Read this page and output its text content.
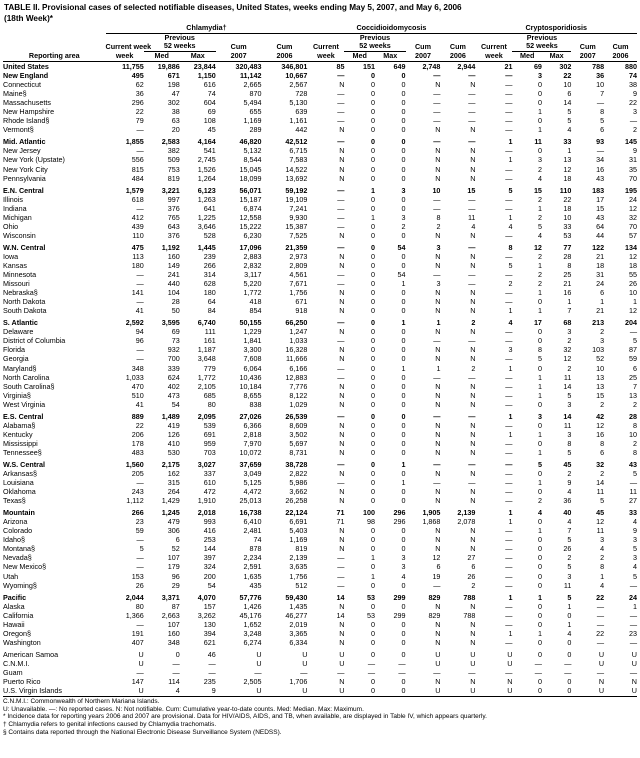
TABLE II. Provisional cases of selected notifiable diseases, United States, weeks ending May 5, 2007, and May 6, 2006
(18th Week)*
	Chlamydia†					Coccidioidomycosis					Cryptosporidiosis				
		Previous					Previous					Previous			
	Current week	52 weeks		Cum	Cum	Current	52 weeks		Cum	Cum	Current	52 weeks		Cum	Cum
Reporting area	week	Med	Max	2007	2006	week	Med	Max	2007	2006	week	Med	Max	2007	2006

United States	11,755	19,886	23,844	320,483	346,801	85	151	649	2,748	2,944	21	69	302	788	880
New England	495	671	1,150	11,142	10,667	—	0	0	—	—	—	3	22	36	74
Connecticut	62	198	616	2,665	2,567	N	0	0	N	N	—	0	10	10	38
Maine§	36	47	74	870	728	—	0	0	—	—	—	0	6	7	9
Massachusetts	296	302	604	5,494	5,130	—	0	0	—	—	—	0	14	—	22
New Hampshire	22	38	69	655	639	—	0	0	—	—	—	1	5	8	3
Rhode Island§	79	63	108	1,169	1,161	—	0	0	—	—	—	0	5	5	—
Vermont§	—	20	45	289	442	N	0	0	N	N	—	1	4	6	2

Mid. Atlantic	1,855	2,583	4,164	46,820	42,512	—	0	0	—	—	1	11	33	93	145
New Jersey	—	382	541	5,132	6,715	N	0	0	N	N	—	0	1	—	9
New York (Upstate)	556	509	2,745	8,544	7,583	N	0	0	N	N	1	3	13	34	31
New York City	815	753	1,526	15,045	14,522	N	0	0	N	N	—	2	12	16	35
Pennsylvania	484	819	1,264	18,099	13,692	N	0	0	N	N	—	4	18	43	70

E.N. Central	1,579	3,221	6,123	56,071	59,192	—	1	3	10	15	5	15	110	183	195
Illinois	618	997	1,263	15,187	19,109	—	0	0	—	—	—	2	22	17	24
Indiana	—	376	641	6,874	7,241	—	0	0	—	—	—	1	18	15	12
Michigan	412	765	1,225	12,558	9,930	—	1	3	8	11	1	2	10	43	32
Ohio	439	643	3,646	15,222	15,387	—	0	2	2	4	4	5	33	64	70
Wisconsin	110	376	528	6,230	7,525	N	0	0	N	N	—	4	53	44	57

W.N. Central	475	1,192	1,445	17,096	21,359	—	0	54	3	—	8	12	77	122	134
Iowa	113	160	239	2,883	2,973	N	0	0	N	N	—	2	28	21	12
Kansas	180	149	266	2,832	2,809	N	0	0	N	N	5	1	8	18	18
Minnesota	—	241	314	3,117	4,561	—	0	54	—	—	—	2	25	31	55
Missouri	—	440	628	5,220	7,671	—	0	1	3	—	2	2	21	24	26
Nebraska§	141	104	180	1,772	1,756	N	0	0	N	N	—	1	16	6	10
North Dakota	—	28	64	418	671	N	0	0	N	N	—	0	1	1	1
South Dakota	41	50	84	854	918	N	0	0	N	N	1	1	7	21	12

S. Atlantic	2,592	3,595	6,740	50,155	66,250	—	0	1	1	2	4	17	68	213	204
Delaware	94	69	111	1,229	1,247	N	0	0	N	N	—	0	3	2	—
District of Columbia	96	73	161	1,841	1,033	—	0	0	—	—	—	0	2	3	5
Florida	—	932	1,187	3,300	16,328	N	0	0	N	N	3	8	32	103	87
Georgia	—	700	3,648	7,608	11,666	N	0	0	N	N	—	5	12	52	59
Maryland§	348	339	779	6,064	6,166	—	0	1	1	2	1	0	2	10	6
North Carolina	1,033	624	1,772	10,436	12,883	—	0	0	—	—	—	1	11	13	25
South Carolina§	470	402	2,105	10,184	7,776	N	0	0	N	N	—	1	14	13	7
Virginia§	510	473	685	8,655	8,122	N	0	0	N	N	—	1	5	15	13
West Virginia	41	54	80	838	1,029	N	0	0	N	N	—	0	3	2	2

E.S. Central	889	1,489	2,095	27,026	26,539	—	0	0	—	—	1	3	14	42	28
Alabama§	22	419	539	6,366	8,609	N	0	0	N	N	—	0	11	12	8
Kentucky	206	126	691	2,818	3,502	N	0	0	N	N	1	1	3	16	10
Mississippi	178	410	959	7,970	5,697	N	0	0	N	N	—	0	8	8	2
Tennessee§	483	530	703	10,072	8,731	N	0	0	N	N	—	1	5	6	8

W.S. Central	1,560	2,175	3,027	37,659	38,728	—	0	1	—	—	—	5	45	32	43
Arkansas§	205	162	337	3,049	2,822	N	0	0	N	N	—	0	2	2	5
Louisiana	—	315	610	5,125	5,986	—	0	1	—	—	—	1	9	14	—
Oklahoma	243	264	472	4,472	3,662	N	0	0	N	N	—	0	4	11	11
Texas§	1,112	1,429	1,910	25,013	26,258	N	0	0	N	N	—	2	36	5	27

Mountain	266	1,245	2,018	16,738	22,124	71	100	296	1,905	2,139	1	4	40	45	33
Arizona	23	479	993	6,410	6,691	71	98	296	1,868	2,078	1	0	4	12	4
Colorado	59	306	416	2,481	5,403	N	0	0	N	N	—	1	7	11	9
Idaho§	—	6	253	74	1,169	N	0	0	N	N	—	0	5	3	3
Montana§	5	52	144	878	819	N	0	0	N	N	—	0	26	4	5
Nevada§	—	107	397	2,234	2,139	—	1	3	12	27	—	0	2	2	3
New Mexico§	—	179	324	2,591	3,635	—	0	3	6	6	—	0	5	8	4
Utah	153	96	200	1,635	1,756	—	1	4	19	26	—	0	3	1	5
Wyoming§	26	29	54	435	512	—	0	0	—	2	—	0	11	4	—

Pacific	2,044	3,371	4,070	57,776	59,430	14	53	299	829	788	1	1	5	22	24
Alaska	80	87	157	1,426	1,435	N	0	0	N	N	—	0	1	—	1
California	1,366	2,663	3,262	45,176	46,277	14	53	299	829	788	—	0	0	—	—
Hawaii	—	107	130	1,652	2,019	N	0	0	N	N	—	0	1	—	—
Oregon§	191	160	394	3,248	3,365	N	0	0	N	N	1	1	4	22	23
Washington	407	348	621	6,274	6,334	N	0	0	N	N	—	0	0	—	—

American Samoa	U	0	46	U	U	U	0	0	U	U	U	0	0	U	U
C.N.M.I.	U	—	—	U	U	U	—	—	U	U	U	—	—	U	U
Guam	—	—	—	—	—	—	—	—	—	—	—	—	—	—	—
Puerto Rico	147	114	235	2,505	1,706	N	0	0	N	N	N	0	0	N	N
U.S. Virgin Islands	U	4	9	U	U	U	0	0	U	U	U	0	0	U	U
C.N.M.I.: Commonwealth of Northern Mariana Islands.
U: Unavailable. —: No reported cases. N: Not notifiable. Cum: Cumulative year-to-date counts. Med: Median. Max: Maximum.
* Incidence data for reporting years 2006 and 2007 are provisional. Data for HIV/AIDS, AIDS, and TB, when available, are displayed in Table IV, which appears quarterly.
† Chlamydia refers to genital infections caused by Chlamydia trachomatis.
§ Contains data reported through the National Electronic Disease Surveillance System (NEDSS).
